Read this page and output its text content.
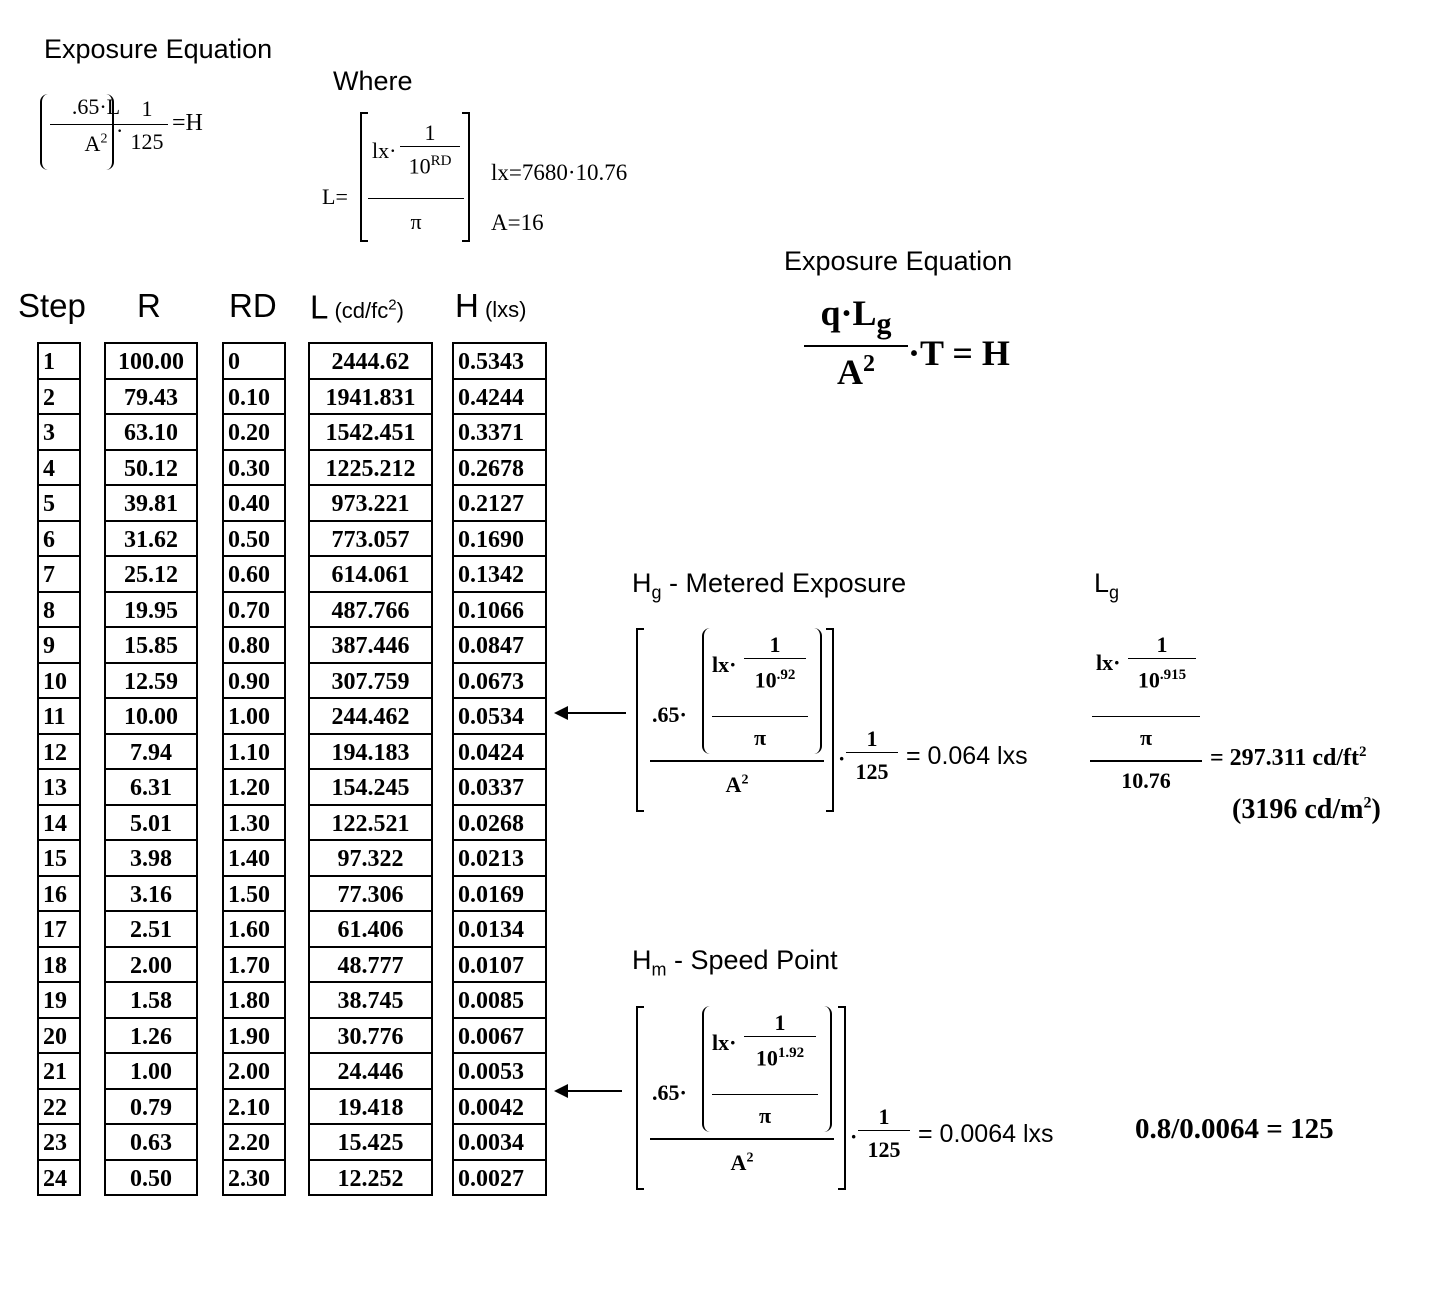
Exposure Equation
.65·L
$A^2$ ·
1
125
=H
Where
L=
lx·
1
10RD
π
lx=7680·10.76
A=16
Exposure Equation
$q\cdot L_g$
$A^2 \cdot T = H$
Step R RD L $(cd/fc^2)$ H (lxs)
1
2
3
4
5
6
7
8
9
10
11
12
13
14
15
16
17
18
19
20
21
22
23
24
100.00
79.43
63.10
50.12
39.81
31.62
25.12
19.95
15.85
12.59
10.00
7.94
6.31
5.01
3.98
3.16
2.51
2.00
1.58
1.26
1.00
0.79
0.63
0.50
0
0.10
0.20
0.30
0.40
0.50
0.60
0.70
0.80
0.90
1.00
1.10
1.20
1.30
1.40
1.50
1.60
1.70
1.80
1.90
2.00
2.10
2.20
2.30
2444.62
1941.831
1542.451
1225.212
973.221
773.057
614.061
487.766
387.446
307.759
244.462
194.183
154.245
122.521
97.322
77.306
61.406
48.777
38.745
30.776
24.446
19.418
15.425
12.252
0.5343
0.4244
0.3371
0.2678
0.2127
0.1690
0.1342
0.1066
0.0847
0.0673
0.0534
0.0424
0.0337
0.0268
0.0213
0.0169
0.0134
0.0107
0.0085
0.0067
0.0053
0.0042
0.0034
0.0027
$H_g$ - Metered Exposure
.65·
lx·
1
$10^{.92}$
π
$A^2$
·
1
125
= 0.064 lxs
$L_g$
lx·
1
$10^{.915}$
π
10.76
= 297.311 $cd/ft^2$
(3196 $cd/m^2$)
$H_m$ - Speed Point
.65·
lx·
1
$10^{1.92}$
π
$A^2$
·
1
125
= 0.0064 lxs	0.8/0.0064 = 125
